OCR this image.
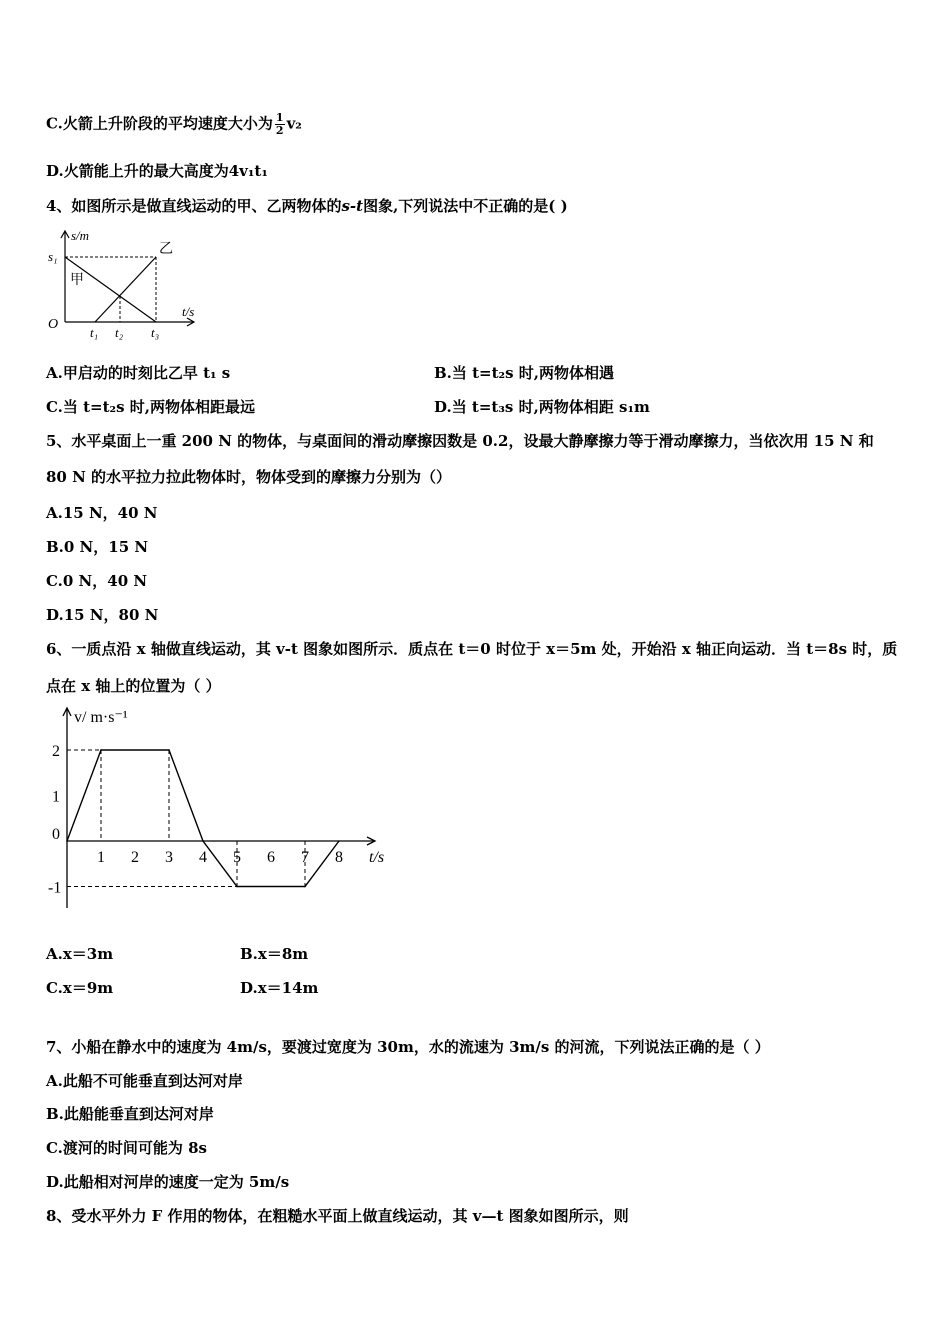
C.火箭上升阶段的平均速度大小为 $\frac{1}{2} v_2$
D.火箭能上升的最大高度为4v₁t₁
4、如图所示是做直线运动的甲、乙两物体的s-t图象,下列说法中不正确的是( )
s/m
t/s
O
s₁
t₁ t₂ t₃
甲
乙
A.甲启动的时刻比乙早 t₁ s	B.当 t=t₂s 时,两物体相遇
C.当 t=t₂s 时,两物体相距最远	D.当 t=t₃s 时,两物体相距 s₁m
5、水平桌面上一重 200 N 的物体，与桌面间的滑动摩擦因数是 0.2，设最大静摩擦力等于滑动摩擦力，当依次用 15 N 和
80 N 的水平拉力拉此物体时，物体受到的摩擦力分别为（）
A.15 N，40 N
B.0 N，15 N
C.0 N，40 N
D.15 N，80 N
6、一质点沿 x 轴做直线运动，其 v-t 图象如图所示．质点在 t＝0 时位于 x＝5m 处，开始沿 x 轴正向运动．当 t＝8s 时，质
点在 x 轴上的位置为（ ）
2
1
0
-1
1 2 3 4 5 6 7 8
v/ m·s⁻¹
t/s
A.x＝3m	B.x＝8m
C.x＝9m	D.x＝14m
7、小船在静水中的速度为 4m/s，要渡过宽度为 30m，水的流速为 3m/s 的河流，下列说法正确的是（ ）
A.此船不可能垂直到达河对岸
B.此船能垂直到达河对岸
C.渡河的时间可能为 8s
D.此船相对河岸的速度一定为 5m/s
8、受水平外力 F 作用的物体，在粗糙水平面上做直线运动，其 v—t 图象如图所示，则
